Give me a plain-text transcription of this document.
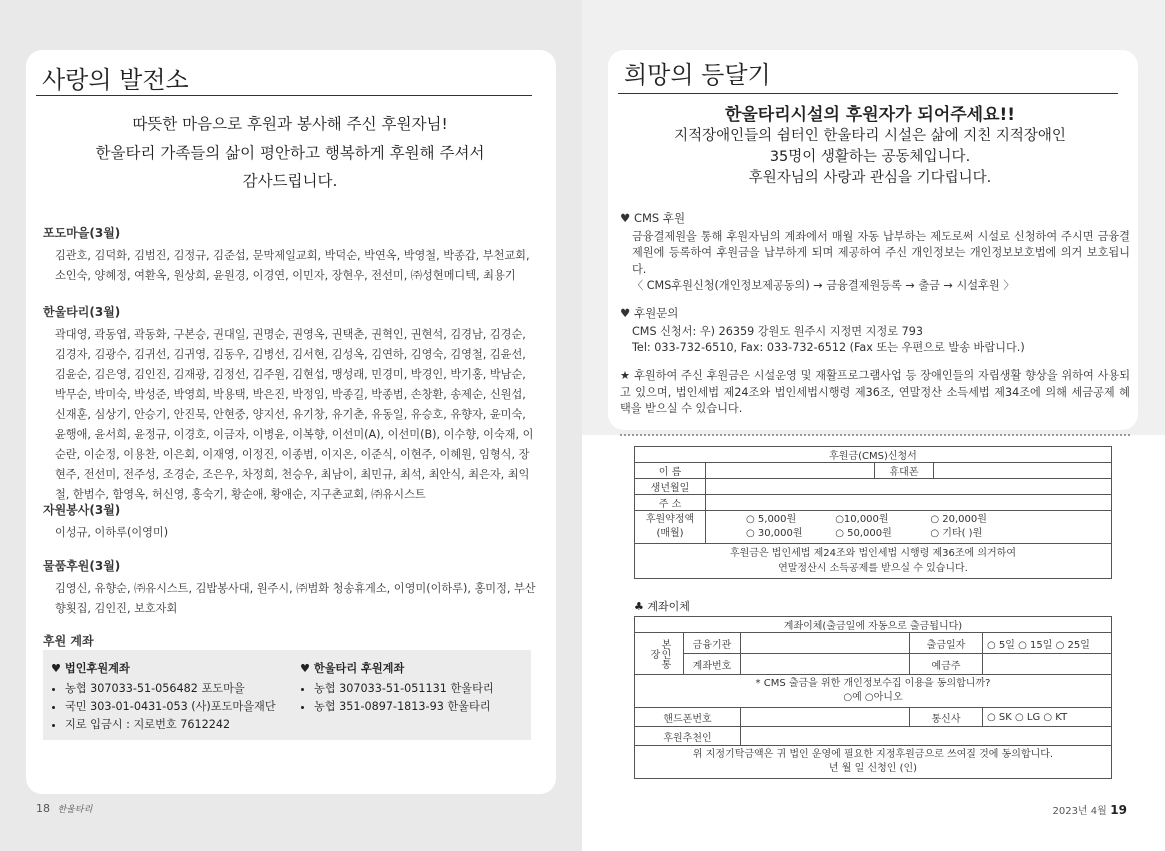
사랑의 발전소
따뜻한 마음으로 후원과 봉사해 주신 후원자님!
한울타리 가족들의 삶이 평안하고 행복하게 후원해 주셔서
감사드립니다.
포도마을(3월)
김관호, 김덕화, 김범진, 김정규, 김준섭, 문막제일교회, 박덕순, 박연옥, 박영철, 박종갑, 부천교회, 소인숙, 양혜정, 여환옥, 원상희, 윤원경, 이경연, 이민자, 장현우, 전선미, ㈜성현메디텍, 최용기
한울타리(3월)
곽대영, 곽동엽, 곽동화, 구본승, 권대일, 권명순, 권영옥, 권택춘, 권혁인, 권현석, 김경남, 김경순, 김경자, 김광수, 김귀선, 김귀영, 김동우, 김병선, 김서현, 김성옥, 김연하, 김영숙, 김영철, 김윤선, 김윤순, 김은영, 김인진, 김재광, 김정선, 김주원, 김현섭, 맹성래, 민경미, 박경인, 박기홍, 박남순, 박무순, 박미숙, 박성준, 박영희, 박용택, 박은진, 박정임, 박종길, 박종범, 손창환, 송제순, 신원섭, 신재훈, 심상기, 안승기, 안진묵, 안현중, 양지선, 유기창, 유기춘, 유동일, 유승호, 유향자, 윤미숙, 윤행애, 윤서희, 윤정규, 이경호, 이금자, 이병윤, 이복향, 이선미(A), 이선미(B), 이수향, 이숙재, 이순란, 이순정, 이용찬, 이은회, 이재영, 이정진, 이종범, 이지온, 이준식, 이현주, 이혜원, 임형식, 장현주, 전선미, 전주성, 조경순, 조은우, 차정희, 천승우, 최남이, 최민규, 최석, 최안식, 최은자, 최익철, 한범수, 함영옥, 허신영, 홍숙기, 황순애, 황애순, 지구촌교회, ㈜유시스트
자원봉사(3월)
이성규, 이하루(이영미)
물품후원(3월)
김영신, 유향순, ㈜유시스트, 김밥봉사대, 원주시, ㈜범화 청송휴게소, 이영미(이하루), 홍미정, 부산향횟집, 김인진, 보호자회
후원 계좌
♥ 법인후원계좌
• 농협 307033-51-056482 포도마을
• 국민 303-01-0431-053 (사)포도마을재단
• 지로 입금시 : 지로번호 7612242
♥ 한울타리 후원계좌
• 농협 307033-51-051131 한울타리
• 농협 351-0897-1813-93 한울타리
18 한울타리
희망의 등달기
한울타리시설의 후원자가 되어주세요!!
지적장애인들의 쉼터인 한울타리 시설은 삶에 지친 지적장애인
35명이 생활하는 공동체입니다.
후원자님의 사랑과 관심을 기다립니다.
♥ CMS 후원
금융결제원을 통해 후원자님의 계좌에서 매월 자동 납부하는 제도로써 시설로 신청하여 주시면 금융결제원에 등록하여 후원금을 납부하게 되며 제공하여 주신 개인정보는 개인정보보호법에 의거 보호됩니다.
〈 CMS후원신청(개인정보제공동의) → 금융결제원등록 → 출금 → 시설후원 〉
♥ 후원문의
CMS 신청서: 우) 26359 강원도 원주시 지정면 지정로 793
Tel: 033-732-6510, Fax: 033-732-6512 (Fax 또는 우편으로 발송 바랍니다.)
★ 후원하여 주신 후원금은 시설운영 및 재활프로그램사업 등 장애인들의 자립생활 향상을 위하여 사용되고 있으며, 법인세법 제24조와 법인세법시행령 제36조, 연말정산 소득세법 제34조에 의해 세금공제 혜택을 받으실 수 있습니다.
후원금(CMS)신청서			
이 름		휴대폰	
생년월일			
주 소			
후원약정액
(매월)	○ 5,000원 ○10,000원 ○ 20,000원
○ 30,000원 ○ 50,000원 ○ 기타( )원		

후원금은 법인세법 제24조와 법인세법 시행령 제36조에 의거하여
연말정산시 소득공제를 받으실 수 있습니다.			
♣ 계좌이체
계좌이체(출금일에 자동으로 출금됩니다)				
본인통장	금융기관		출금일자	○ 5일 ○ 15일 ○ 25일
	계좌번호		예금주	

* CMS 출금을 위한 개인정보수집 이용을 동의합니까?
○예 ○아니오				

핸드폰번호			통신사	○ SK ○ LG ○ KT
후원추천인				

위 지정기탁금액은 귀 법인 운영에 필요한 지정후원금으로 쓰여질 것에 동의합니다.
년 월 일 신청인 (인)				
2023년 4월 19
